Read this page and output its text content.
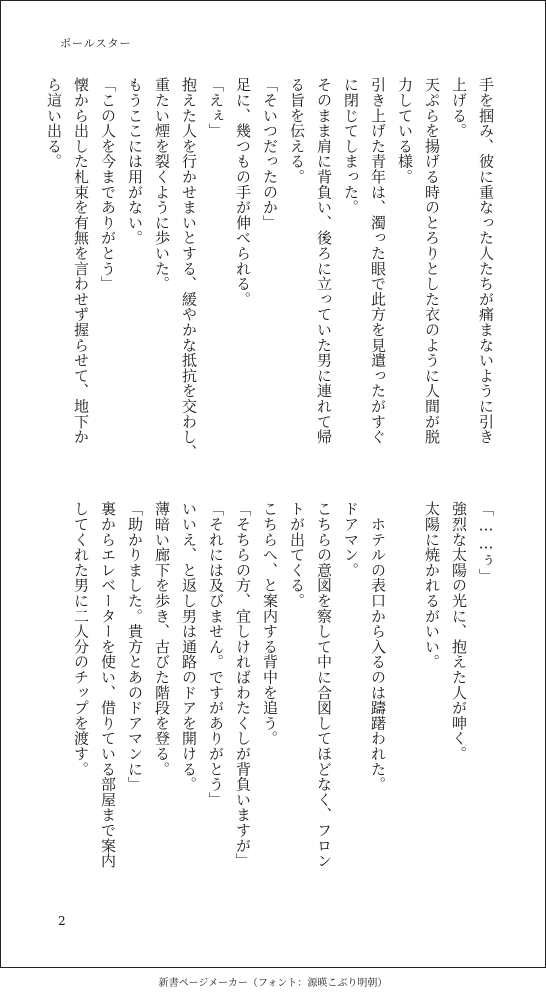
ポールスター
手を掴み、彼に重なった人たちが痛まないように引き
上げる。
天ぷらを揚げる時のとろりとした衣のように人間が脱
力している様。
引き上げた青年は、濁った眼で此方を見遣ったがすぐ
に閉じてしまった。
そのまま肩に背負い、後ろに立っていた男に連れて帰
る旨を伝える。
「そいつだったのか」
足に、幾つもの手が伸べられる。
「えぇ」
抱えた人を行かせまいとする、緩やかな抵抗を交わし、
重たい煙を裂くように歩いた。
もうここには用がない。
「この人を今までありがとう」
懐から出した札束を有無を言わせず握らせて、地下か
ら這い出る。
「……ぅ」
強烈な太陽の光に、抱えた人が呻く。
太陽に焼かれるがいい。
　ホテルの表口から入るのは躊躇われた。
ドアマン。
こちらの意図を察して中に合図してほどなく、フロン
トが出てくる。
こちらへ、と案内する背中を追う。
「そちらの方、宜しければわたくしが背負いますが」
「それには及びません。ですがありがとう」
いいえ、と返し男は通路のドアを開ける。
薄暗い廊下を歩き、古びた階段を登る。
「助かりました。貴方とあのドアマンに」
裏からエレベーターを使い、借りている部屋まで案内
してくれた男に二人分のチップを渡す。
2
新書ページメーカー（フォント：源暎こぶり明朝）
